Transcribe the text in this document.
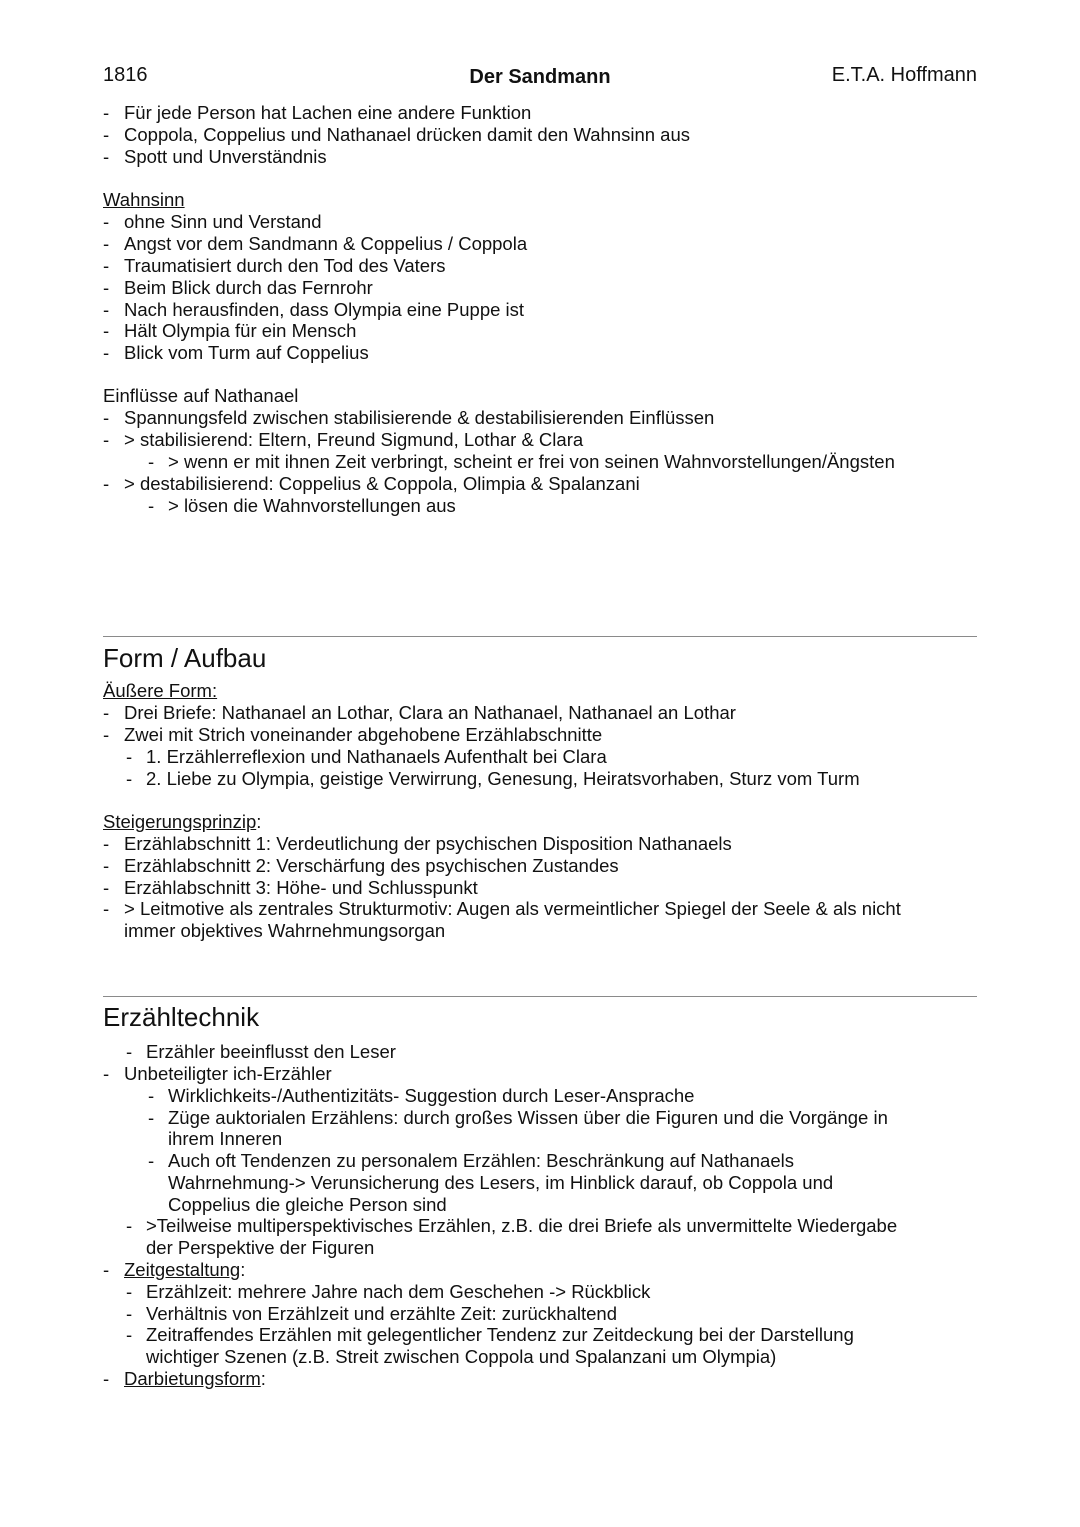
1816	Der Sandmann	E.T.A. Hoffmann
- Für jede Person hat Lachen eine andere Funktion
- Coppola, Coppelius und Nathanael drücken damit den Wahnsinn aus
- Spott und Unverständnis
Wahnsinn
- ohne Sinn und Verstand
- Angst vor dem Sandmann & Coppelius / Coppola
- Traumatisiert durch den Tod des Vaters
- Beim Blick durch das Fernrohr
- Nach herausfinden, dass Olympia eine Puppe ist
- Hält Olympia für ein Mensch
- Blick vom Turm auf Coppelius
Einflüsse auf Nathanael
- Spannungsfeld zwischen stabilisierende & destabilisierenden Einflüssen
- > stabilisierend: Eltern, Freund Sigmund, Lothar & Clara
- > wenn er mit ihnen Zeit verbringt, scheint er frei von seinen Wahnvorstellungen/Ängsten
- > destabilisierend: Coppelius & Coppola, Olimpia & Spalanzani
- > lösen die Wahnvorstellungen aus
Form / Aufbau
Äußere Form:
- Drei Briefe: Nathanael an Lothar, Clara an Nathanael, Nathanael an Lothar
- Zwei mit Strich voneinander abgehobene Erzählabschnitte
- 1. Erzählerreflexion und Nathanaels Aufenthalt bei Clara
- 2. Liebe zu Olympia, geistige Verwirrung, Genesung, Heiratsvorhaben, Sturz vom Turm
Steigerungsprinzip:
- Erzählabschnitt 1: Verdeutlichung der psychischen Disposition Nathanaels
- Erzählabschnitt 2: Verschärfung des psychischen Zustandes
- Erzählabschnitt 3: Höhe- und Schlusspunkt
- > Leitmotive als zentrales Strukturmotiv: Augen als vermeintlicher Spiegel der Seele & als nicht
immer objektives Wahrnehmungsorgan
Erzähltechnik
- Erzähler beeinflusst den Leser
- Unbeteiligter ich-Erzähler
- Wirklichkeits-/Authentizitäts- Suggestion durch Leser-Ansprache
- Züge auktorialen Erzählens: durch großes Wissen über die Figuren und die Vorgänge in
ihrem Inneren
- Auch oft Tendenzen zu personalem Erzählen: Beschränkung auf Nathanaels
Wahrnehmung-> Verunsicherung des Lesers, im Hinblick darauf, ob Coppola und
Coppelius die gleiche Person sind
- >Teilweise multiperspektivisches Erzählen, z.B. die drei Briefe als unvermittelte Wiedergabe
der Perspektive der Figuren
- Zeitgestaltung:
- Erzählzeit: mehrere Jahre nach dem Geschehen -> Rückblick
- Verhältnis von Erzählzeit und erzählte Zeit: zurückhaltend
- Zeitraffendes Erzählen mit gelegentlicher Tendenz zur Zeitdeckung bei der Darstellung
wichtiger Szenen (z.B. Streit zwischen Coppola und Spalanzani um Olympia)
- Darbietungsform:
